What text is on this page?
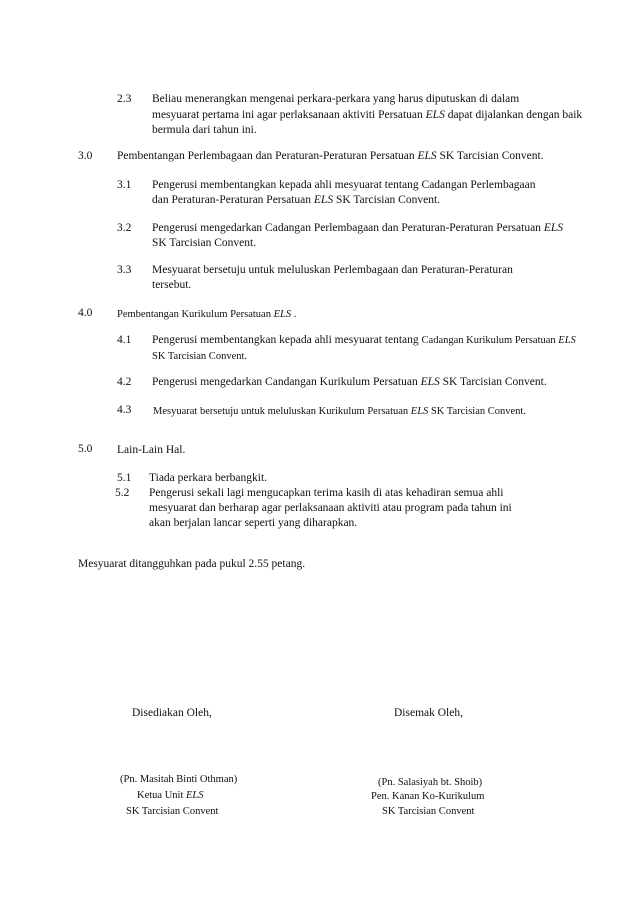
2.3 Beliau menerangkan mengenai perkara-perkara yang harus diputuskan di dalam
mesyuarat pertama ini agar perlaksanaan aktiviti Persatuan ELS dapat dijalankan dengan baik
bermula dari tahun ini.
3.0 Pembentangan Perlembagaan dan Peraturan-Peraturan Persatuan ELS SK Tarcisian Convent.
3.1 Pengerusi membentangkan kepada ahli mesyuarat tentang Cadangan Perlembagaan
dan Peraturan-Peraturan Persatuan ELS SK Tarcisian Convent.
3.2 Pengerusi mengedarkan Cadangan Perlembagaan dan Peraturan-Peraturan Persatuan ELS
SK Tarcisian Convent.
3.3 Mesyuarat bersetuju untuk meluluskan Perlembagaan dan Peraturan-Peraturan
tersebut.
4.0 Pembentangan Kurikulum Persatuan ELS .
4.1 Pengerusi membentangkan kepada ahli mesyuarat tentang Cadangan Kurikulum Persatuan ELS
SK Tarcisian Convent.
4.2 Pengerusi mengedarkan Candangan Kurikulum Persatuan ELS SK Tarcisian Convent.
4.3 Mesyuarat bersetuju untuk meluluskan Kurikulum Persatuan ELS SK Tarcisian Convent.
5.0 Lain-Lain Hal.
5.1 Tiada perkara berbangkit.
5.2 Pengerusi sekali lagi mengucapkan terima kasih di atas kehadiran semua ahli
mesyuarat dan berharap agar perlaksanaan aktiviti atau program pada tahun ini
akan berjalan lancar seperti yang diharapkan.
Mesyuarat ditangguhkan pada pukul 2.55 petang.
Disediakan Oleh,	Disemak Oleh,
(Pn. Masitah Binti Othman)
Ketua Unit ELS
SK Tarcisian Convent
(Pn. Salasiyah bt. Shoib)
Pen. Kanan Ko-Kurikulum
SK Tarcisian Convent
